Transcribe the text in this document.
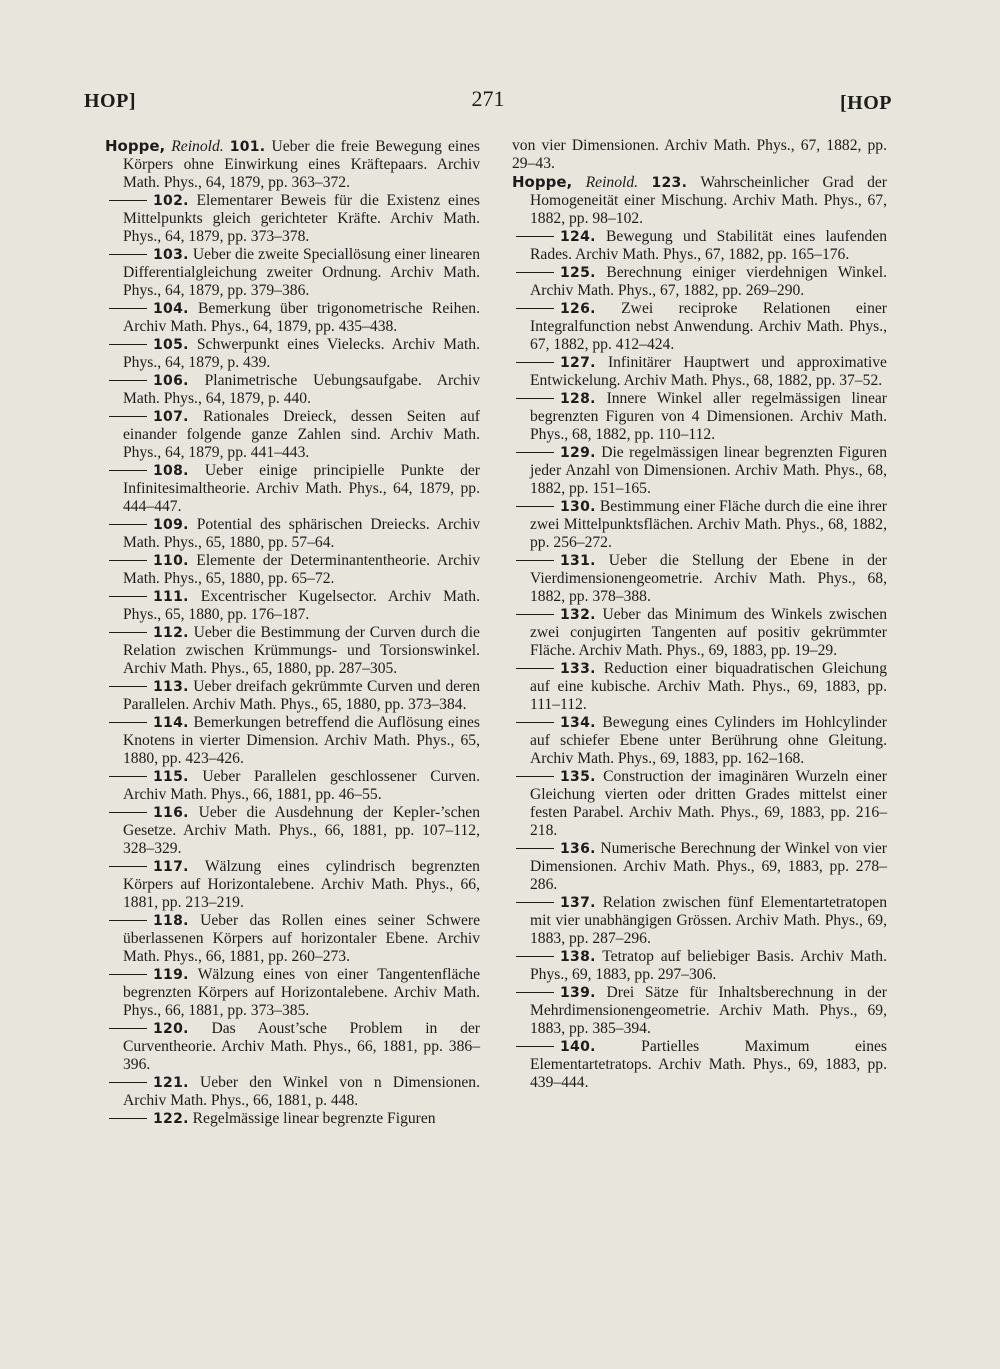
HOP]	271	[HOP

Hoppe, Reinold. 101. Ueber die freie Bewegung eines Körpers ohne Einwirkung eines Kräftepaars. Archiv Math. Phys., 64, 1879, pp. 363–372.

102. Elementarer Beweis für die Existenz eines Mittelpunkts gleich gerichteter Kräfte. Archiv Math. Phys., 64, 1879, pp. 373–378.

103. Ueber die zweite Speciallösung einer linearen Differentialgleichung zweiter Ordnung. Archiv Math. Phys., 64, 1879, pp. 379–386.

104. Bemerkung über trigonometrische Reihen. Archiv Math. Phys., 64, 1879, pp. 435–438.

105. Schwerpunkt eines Vielecks. Archiv Math. Phys., 64, 1879, p. 439.

106. Planimetrische Uebungsaufgabe. Archiv Math. Phys., 64, 1879, p. 440.

107. Rationales Dreieck, dessen Seiten auf einander folgende ganze Zahlen sind. Archiv Math. Phys., 64, 1879, pp. 441–443.

108. Ueber einige principielle Punkte der Infinitesimaltheorie. Archiv Math. Phys., 64, 1879, pp. 444–447.

109. Potential des sphärischen Dreiecks. Archiv Math. Phys., 65, 1880, pp. 57–64.

110. Elemente der Determinantentheorie. Archiv Math. Phys., 65, 1880, pp. 65–72.

111. Excentrischer Kugelsector. Archiv Math. Phys., 65, 1880, pp. 176–187.

112. Ueber die Bestimmung der Curven durch die Relation zwischen Krümmungs- und Torsionswinkel. Archiv Math. Phys., 65, 1880, pp. 287–305.

113. Ueber dreifach gekrümmte Curven und deren Parallelen. Archiv Math. Phys., 65, 1880, pp. 373–384.

114. Bemerkungen betreffend die Auflösung eines Knotens in vierter Dimension. Archiv Math. Phys., 65, 1880, pp. 423–426.

115. Ueber Parallelen geschlossener Curven. Archiv Math. Phys., 66, 1881, pp. 46–55.

116. Ueber die Ausdehnung der Kepler-’schen Gesetze. Archiv Math. Phys., 66, 1881, pp. 107–112, 328–329.

117. Wälzung eines cylindrisch begrenzten Körpers auf Horizontalebene. Archiv Math. Phys., 66, 1881, pp. 213–219.

118. Ueber das Rollen eines seiner Schwere überlassenen Körpers auf horizontaler Ebene. Archiv Math. Phys., 66, 1881, pp. 260–273.

119. Wälzung eines von einer Tangentenfläche begrenzten Körpers auf Horizontalebene. Archiv Math. Phys., 66, 1881, pp. 373–385.

120. Das Aoust’sche Problem in der Curventheorie. Archiv Math. Phys., 66, 1881, pp. 386–396.

121. Ueber den Winkel von n Dimensionen. Archiv Math. Phys., 66, 1881, p. 448.

122. Regelmässige linear begrenzte Figuren

von vier Dimensionen. Archiv Math. Phys., 67, 1882, pp. 29–43.

Hoppe, Reinold. 123. Wahrscheinlicher Grad der Homogeneität einer Mischung. Archiv Math. Phys., 67, 1882, pp. 98–102.

124. Bewegung und Stabilität eines laufenden Rades. Archiv Math. Phys., 67, 1882, pp. 165–176.

125. Berechnung einiger vierdehnigen Winkel. Archiv Math. Phys., 67, 1882, pp. 269–290.

126. Zwei reciproke Relationen einer Integralfunction nebst Anwendung. Archiv Math. Phys., 67, 1882, pp. 412–424.

127. Infinitärer Hauptwert und approximative Entwickelung. Archiv Math. Phys., 68, 1882, pp. 37–52.

128. Innere Winkel aller regelmässigen linear begrenzten Figuren von 4 Dimensionen. Archiv Math. Phys., 68, 1882, pp. 110–112.

129. Die regelmässigen linear begrenzten Figuren jeder Anzahl von Dimensionen. Archiv Math. Phys., 68, 1882, pp. 151–165.

130. Bestimmung einer Fläche durch die eine ihrer zwei Mittelpunktsflächen. Archiv Math. Phys., 68, 1882, pp. 256–272.

131. Ueber die Stellung der Ebene in der Vierdimensionengeometrie. Archiv Math. Phys., 68, 1882, pp. 378–388.

132. Ueber das Minimum des Winkels zwischen zwei conjugirten Tangenten auf positiv gekrümmter Fläche. Archiv Math. Phys., 69, 1883, pp. 19–29.

133. Reduction einer biquadratischen Gleichung auf eine kubische. Archiv Math. Phys., 69, 1883, pp. 111–112.

134. Bewegung eines Cylinders im Hohlcylinder auf schiefer Ebene unter Berührung ohne Gleitung. Archiv Math. Phys., 69, 1883, pp. 162–168.

135. Construction der imaginären Wurzeln einer Gleichung vierten oder dritten Grades mittelst einer festen Parabel. Archiv Math. Phys., 69, 1883, pp. 216–218.

136. Numerische Berechnung der Winkel von vier Dimensionen. Archiv Math. Phys., 69, 1883, pp. 278–286.

137. Relation zwischen fünf Elementartetratopen mit vier unabhängigen Grössen. Archiv Math. Phys., 69, 1883, pp. 287–296.

138. Tetratop auf beliebiger Basis. Archiv Math. Phys., 69, 1883, pp. 297–306.

139. Drei Sätze für Inhaltsberechnung in der Mehrdimensionengeometrie. Archiv Math. Phys., 69, 1883, pp. 385–394.

140.	Partielles Maximum eines Elementartetratops. Archiv Math. Phys., 69, 1883, pp. 439–444.
